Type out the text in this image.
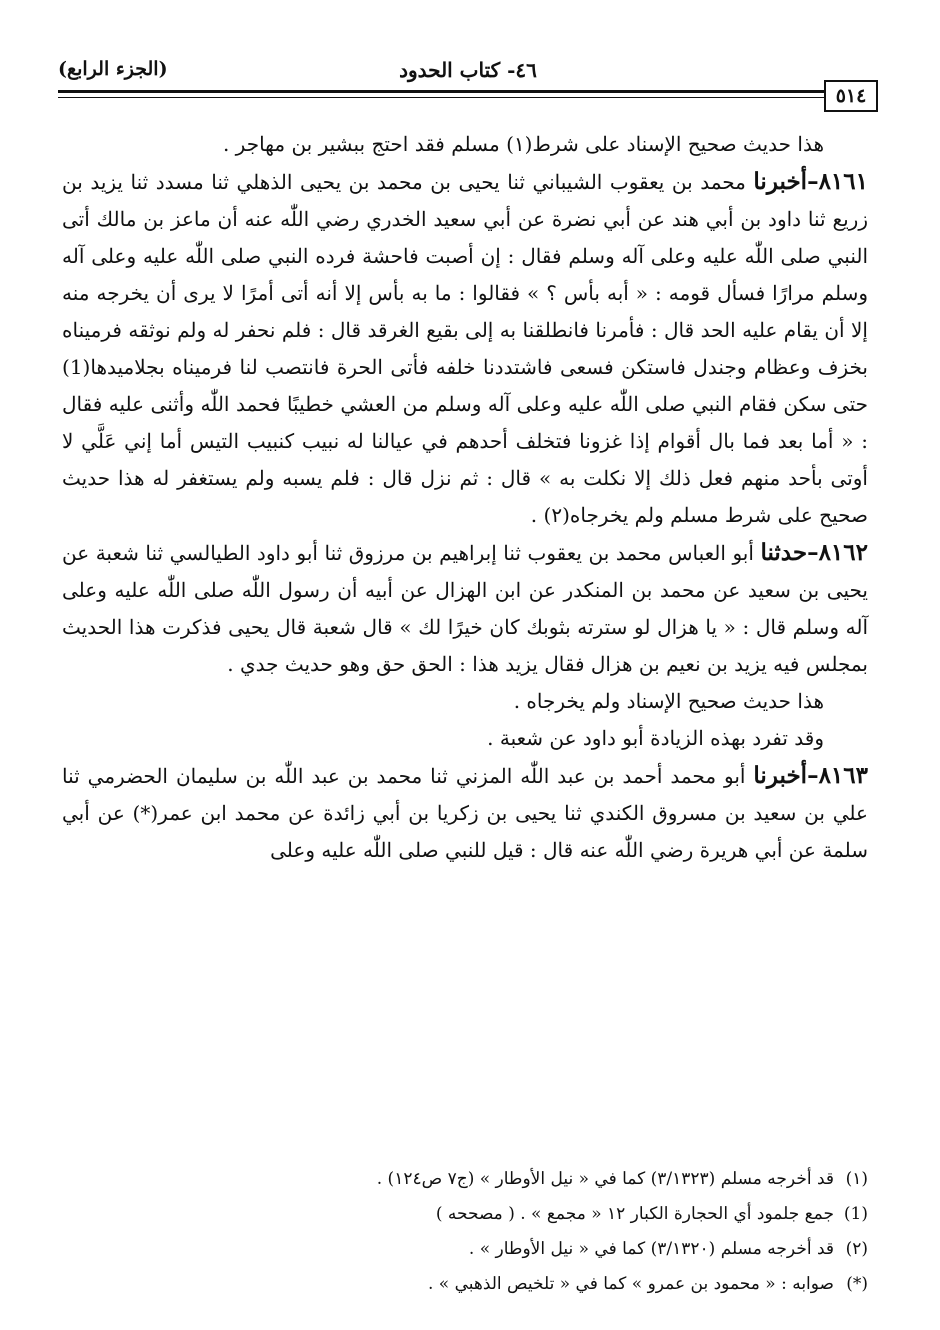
(الجزء الرابع)	٤٦- كتاب الحدود
٥١٤

هذا حديث صحيح الإسناد على شرط(١) مسلم فقد احتج ببشير بن مهاجر .

٨١٦١–أخبرنا محمد بن يعقوب الشيباني ثنا يحيى بن محمد بن يحيى الذهلي ثنا مسدد ثنا يزيد بن زريع ثنا داود بن أبي هند عن أبي نضرة عن أبي سعيد الخدري رضي اللّٰه عنه أن ماعز بن مالك أتى النبي صلى اللّٰه عليه وعلى آله وسلم فقال : إن أصبت فاحشة فرده النبي صلى اللّٰه عليه وعلى آله وسلم مرارًا فسأل قومه : « أبه بأس ؟ » فقالوا : ما به بأس إلا أنه أتى أمرًا لا يرى أن يخرجه منه إلا أن يقام عليه الحد قال : فأمرنا فانطلقنا به إلى بقيع الغرقد قال : فلم نحفر له ولم نوثقه فرميناه بخزف وعظام وجندل فاستكن فسعى فاشتددنا خلفه فأتى الحرة فانتصب لنا فرميناه بجلاميدها(1) حتى سكن فقام النبي صلى اللّٰه عليه وعلى آله وسلم من العشي خطيبًا فحمد اللّٰه وأثنى عليه فقال : « أما بعد فما بال أقوام إذا غزونا فتخلف أحدهم في عيالنا له نبيب كنبيب التيس أما إني عَلَّي لا أوتى بأحد منهم فعل ذلك إلا نكلت به » قال : ثم نزل قال : فلم يسبه ولم يستغفر له هذا حديث صحيح على شرط مسلم ولم يخرجاه(٢) .

٨١٦٢–حدثنا أبو العباس محمد بن يعقوب ثنا إبراهيم بن مرزوق ثنا أبو داود الطيالسي ثنا شعبة عن يحيى بن سعيد عن محمد بن المنكدر عن ابن الهزال عن أبيه أن رسول اللّٰه صلى اللّٰه عليه وعلى آله وسلم قال : « يا هزال لو سترته بثوبك كان خيرًا لك » قال شعبة قال يحيى فذكرت هذا الحديث بمجلس فيه يزيد بن نعيم بن هزال فقال يزيد هذا : الحق حق وهو حديث جدي .

هذا حديث صحيح الإسناد ولم يخرجاه .

وقد تفرد بهذه الزيادة أبو داود عن شعبة .

٨١٦٣–أخبرنا أبو محمد أحمد بن عبد اللّٰه المزني ثنا محمد بن عبد اللّٰه بن سليمان الحضرمي ثنا علي بن سعيد بن مسروق الكندي ثنا يحيى بن زكريا بن أبي زائدة عن محمد ابن عمر(*) عن أبي سلمة عن أبي هريرة رضي اللّٰه عنه قال : قيل للنبي صلى اللّٰه عليه وعلى

(١)
قد أخرجه مسلم (٣/١٣٢٣) كما في « نيل الأوطار » (ج٧ ص١٢٤) .
(1)
جمع جلمود أي الحجارة الكبار ١٢ « مجمع » . ( مصححه )
(٢)
قد أخرجه مسلم (٣/١٣٢٠) كما في « نيل الأوطار » .
(*)
صوابه : « محمود بن عمرو » كما في « تلخيص الذهبي » .
